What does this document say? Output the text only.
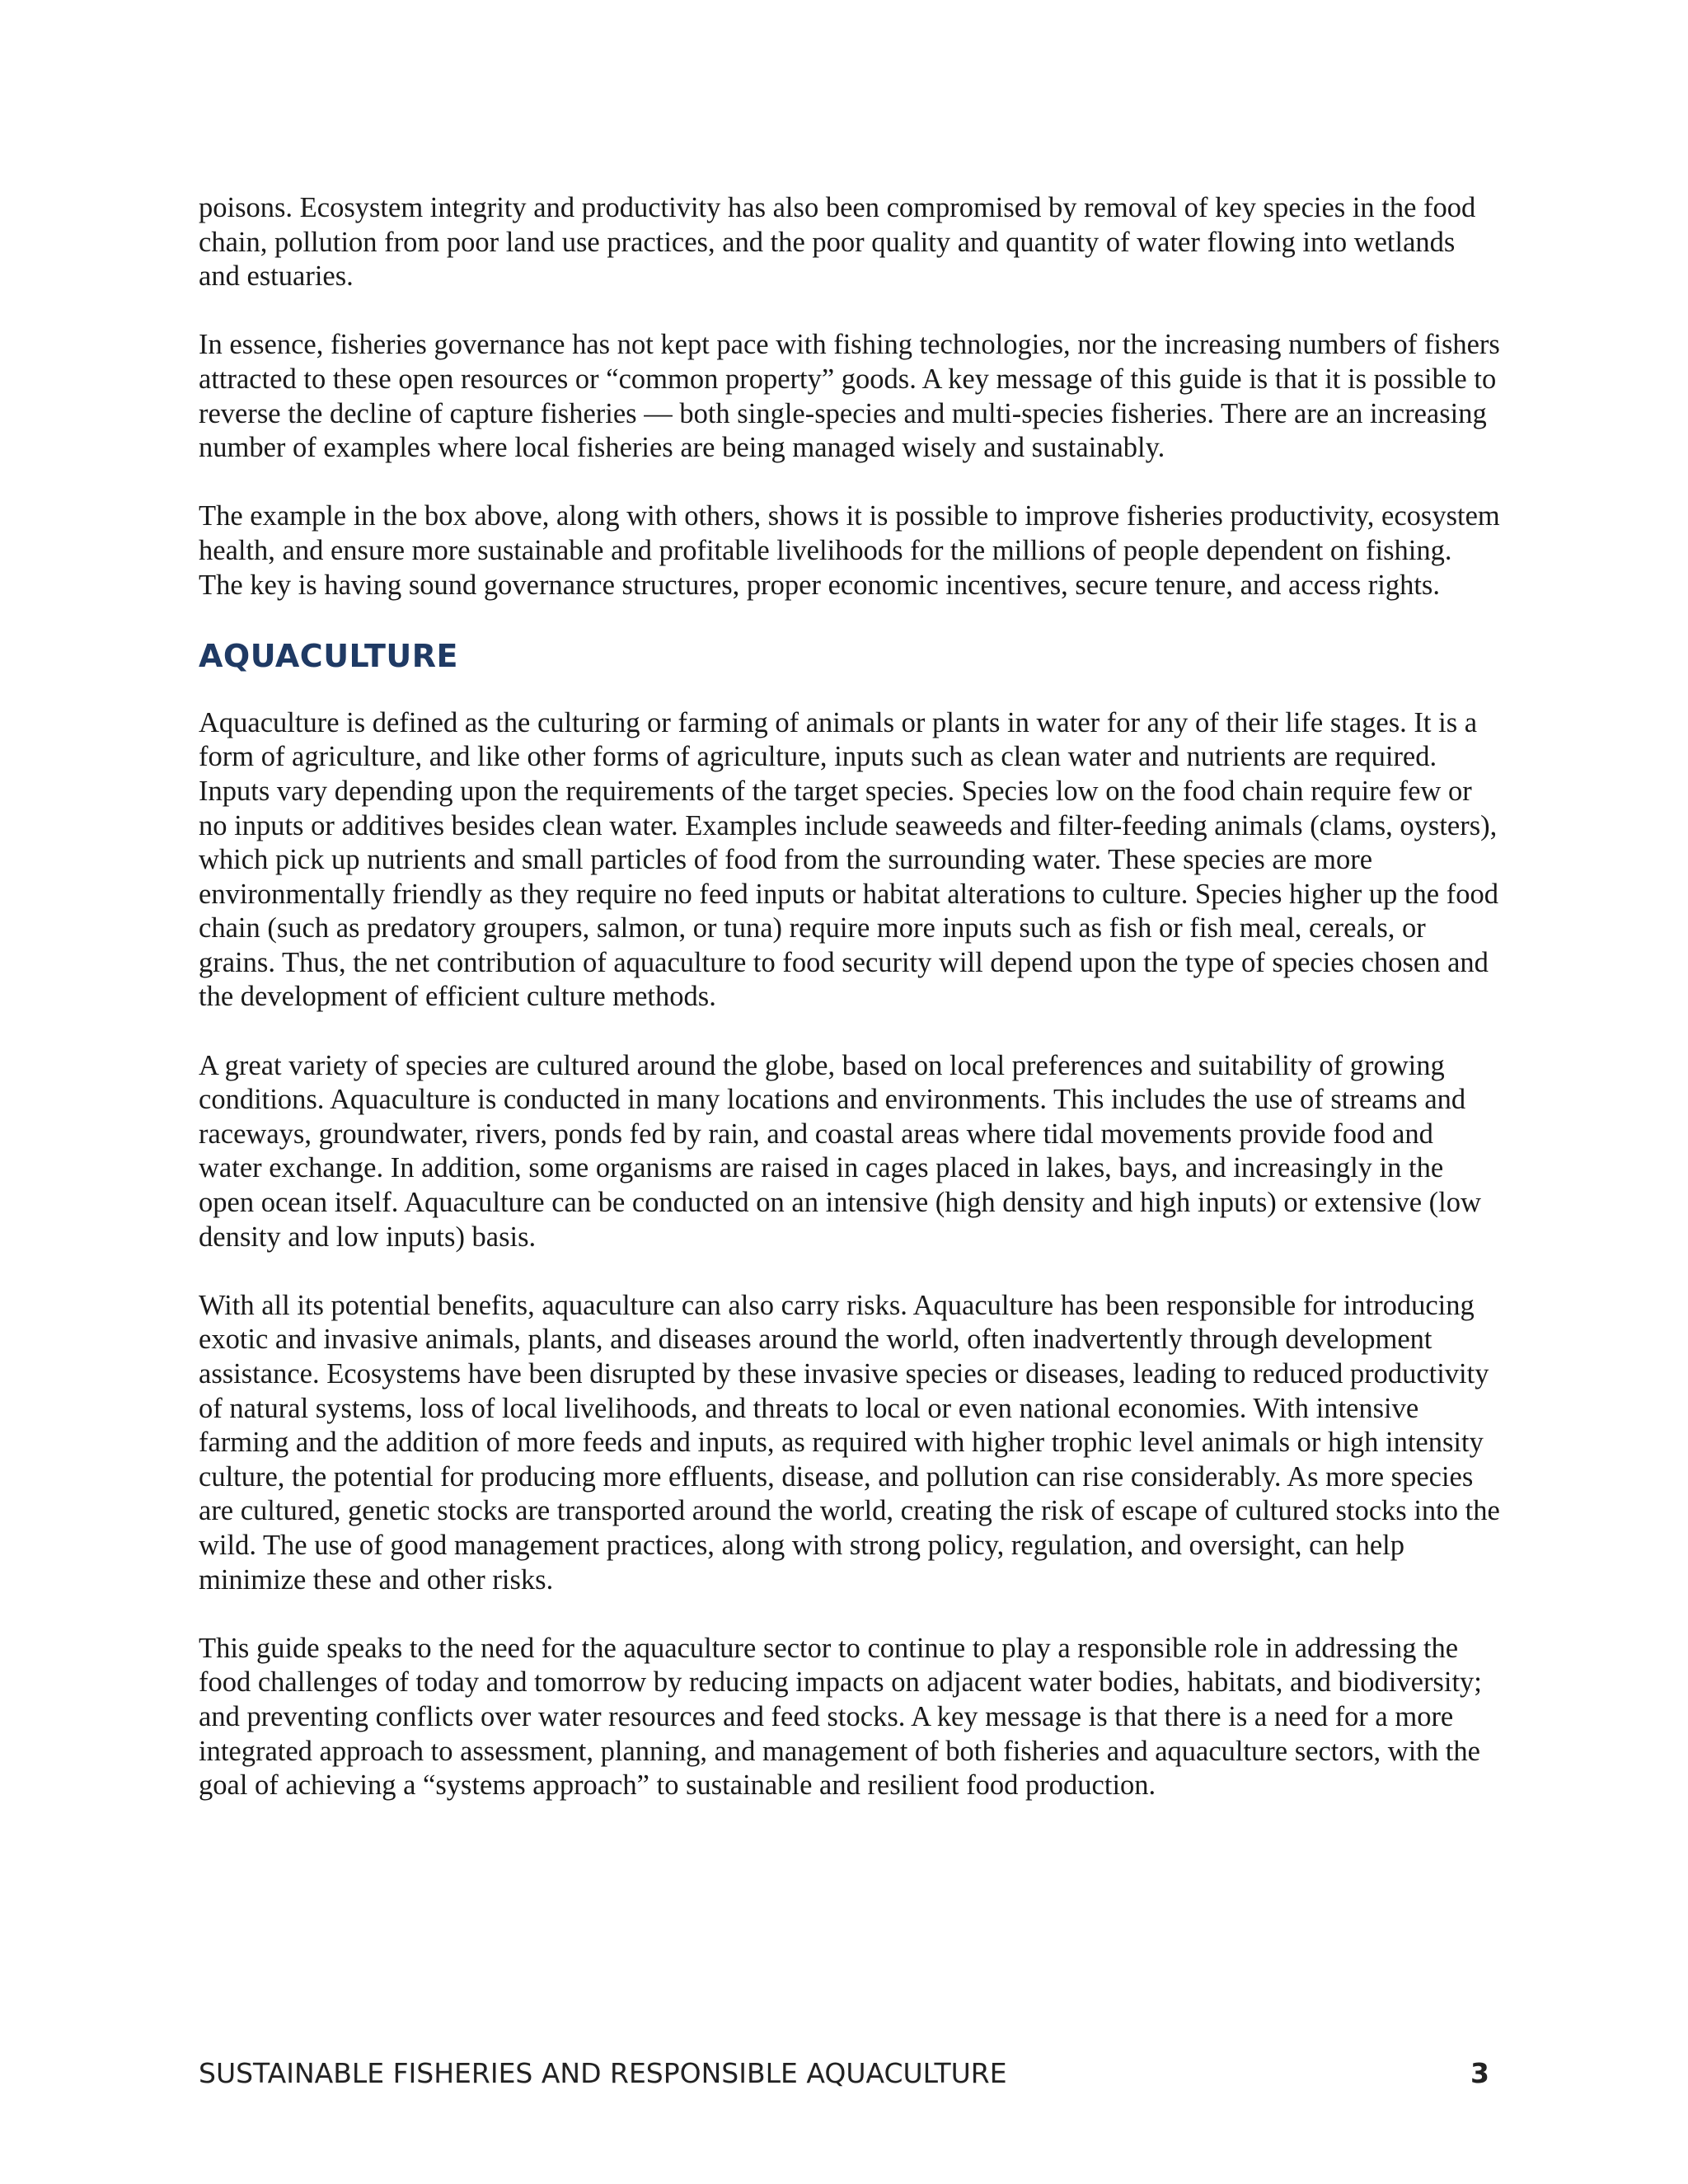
poisons. Ecosystem integrity and productivity has also been compromised by removal of key species in the food chain, pollution from poor land use practices, and the poor quality and quantity of water flowing into wetlands and estuaries.

In essence, fisheries governance has not kept pace with fishing technologies, nor the increasing numbers of fishers attracted to these open resources or “common property” goods. A key message of this guide is that it is possible to reverse the decline of capture fisheries — both single-species and multi-species fisheries. There are an increasing number of examples where local fisheries are being managed wisely and sustainably.

The example in the box above, along with others, shows it is possible to improve fisheries productivity, ecosystem health, and ensure more sustainable and profitable livelihoods for the millions of people dependent on fishing. The key is having sound governance structures, proper economic incentives, secure tenure, and access rights.

AQUACULTURE

Aquaculture is defined as the culturing or farming of animals or plants in water for any of their life stages. It is a form of agriculture, and like other forms of agriculture, inputs such as clean water and nutrients are required. Inputs vary depending upon the requirements of the target species. Species low on the food chain require few or no inputs or additives besides clean water. Examples include seaweeds and filter-feeding animals (clams, oysters), which pick up nutrients and small particles of food from the surrounding water. These species are more environmentally friendly as they require no feed inputs or habitat alterations to culture. Species higher up the food chain (such as predatory groupers, salmon, or tuna) require more inputs such as fish or fish meal, cereals, or grains. Thus, the net contribution of aquaculture to food security will depend upon the type of species chosen and the development of efficient culture methods.

A great variety of species are cultured around the globe, based on local preferences and suitability of growing conditions. Aquaculture is conducted in many locations and environments. This includes the use of streams and raceways, groundwater, rivers, ponds fed by rain, and coastal areas where tidal movements provide food and water exchange. In addition, some organisms are raised in cages placed in lakes, bays, and increasingly in the open ocean itself. Aquaculture can be conducted on an intensive (high density and high inputs) or extensive (low density and low inputs) basis.

With all its potential benefits, aquaculture can also carry risks. Aquaculture has been responsible for introducing exotic and invasive animals, plants, and diseases around the world, often inadvertently through development assistance. Ecosystems have been disrupted by these invasive species or diseases, leading to reduced productivity of natural systems, loss of local livelihoods, and threats to local or even national economies. With intensive farming and the addition of more feeds and inputs, as required with higher trophic level animals or high intensity culture, the potential for producing more effluents, disease, and pollution can rise considerably. As more species are cultured, genetic stocks are transported around the world, creating the risk of escape of cultured stocks into the wild. The use of good management practices, along with strong policy, regulation, and oversight, can help minimize these and other risks.

This guide speaks to the need for the aquaculture sector to continue to play a responsible role in addressing the food challenges of today and tomorrow by reducing impacts on adjacent water bodies, habitats, and biodiversity; and preventing conflicts over water resources and feed stocks. A key message is that there is a need for a more integrated approach to assessment, planning, and management of both fisheries and aquaculture sectors, with the goal of achieving a “systems approach” to sustainable and resilient food production.

SUSTAINABLE FISHERIES AND RESPONSIBLE AQUACULTURE	3
